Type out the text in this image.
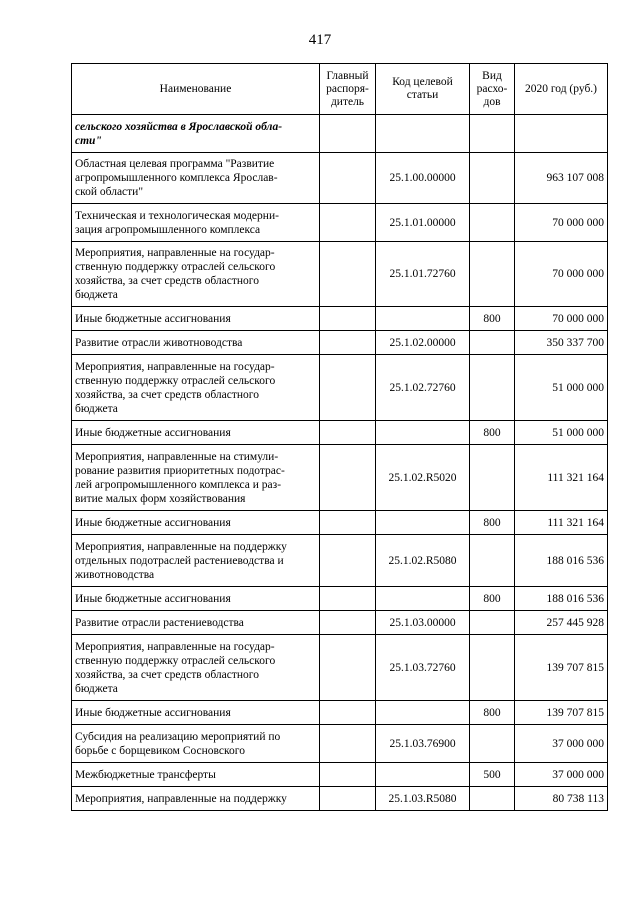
417
Наименование	Главный распоря- дитель	Код целевой статьи	Вид расхо- дов	2020 год (руб.)

сельского хозяйства в Ярославской обла-
сти"				

Областная целевая программа "Развитие
агропромышленного комплекса Ярослав-
ской области"		25.1.00.00000		963 107 008

Техническая и технологическая модерни-
зация агропромышленного комплекса		25.1.01.00000		70 000 000

Мероприятия, направленные на государ-
ственную поддержку отраслей сельского
хозяйства, за счет средств областного
бюджета		25.1.01.72760		70 000 000

Иные бюджетные ассигнования			800	70 000 000

Развитие отрасли животноводства		25.1.02.00000		350 337 700

Мероприятия, направленные на государ-
ственную поддержку отраслей сельского
хозяйства, за счет средств областного
бюджета		25.1.02.72760		51 000 000

Иные бюджетные ассигнования			800	51 000 000

Мероприятия, направленные на стимули-
рование развития приоритетных подотрас-
лей агропромышленного комплекса и раз-
витие малых форм хозяйствования		25.1.02.R5020		111 321 164

Иные бюджетные ассигнования			800	111 321 164

Мероприятия, направленные на поддержку
отдельных подотраслей растениеводства и
животноводства		25.1.02.R5080		188 016 536

Иные бюджетные ассигнования			800	188 016 536

Развитие отрасли растениеводства		25.1.03.00000		257 445 928

Мероприятия, направленные на государ-
ственную поддержку отраслей сельского
хозяйства, за счет средств областного
бюджета		25.1.03.72760		139 707 815

Иные бюджетные ассигнования			800	139 707 815

Субсидия на реализацию мероприятий по
борьбе с борщевиком Сосновского		25.1.03.76900		37 000 000

Межбюджетные трансферты			500	37 000 000

Мероприятия, направленные на поддержку		25.1.03.R5080		80 738 113
